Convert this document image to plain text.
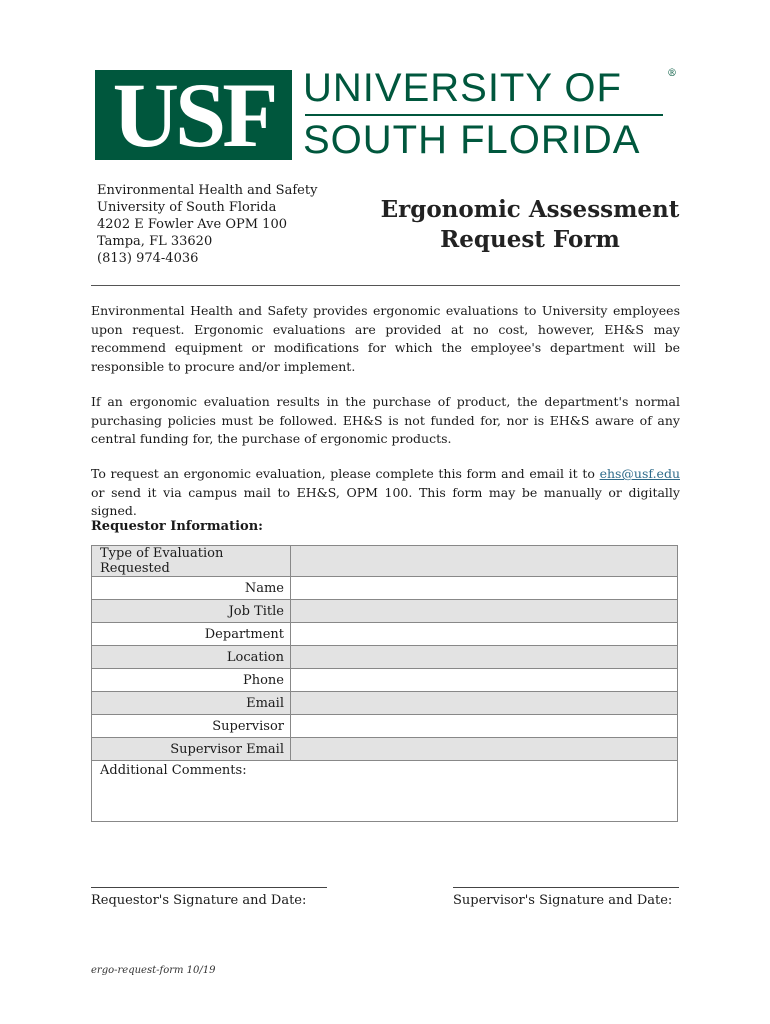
USF UNIVERSITY OF
SOUTH FLORIDA
®
Environmental Health and Safety
University of South Florida
4202 E Fowler Ave OPM 100
Tampa, FL 33620
(813) 974-4036
Ergonomic Assessment
Request Form
Environmental Health and Safety provides ergonomic evaluations to University employees upon request. Ergonomic evaluations are provided at no cost, however, EH&S may recommend equipment or modifications for which the employee's department will be responsible to procure and/or implement.
If an ergonomic evaluation results in the purchase of product, the department's normal purchasing policies must be followed. EH&S is not funded for, nor is EH&S aware of any central funding for, the purchase of ergonomic products.
To request an ergonomic evaluation, please complete this form and email it to ehs@usf.edu or send it via campus mail to EH&S, OPM 100. This form may be manually or digitally signed.
Requestor Information:
Type of Evaluation Requested	
Name	
Job Title	
Department	
Location	
Phone	
Email	
Supervisor	
Supervisor Email	
Additional Comments:	
Requestor's Signature and Date:	Supervisor's Signature and Date:
ergo-request-form 10/19
